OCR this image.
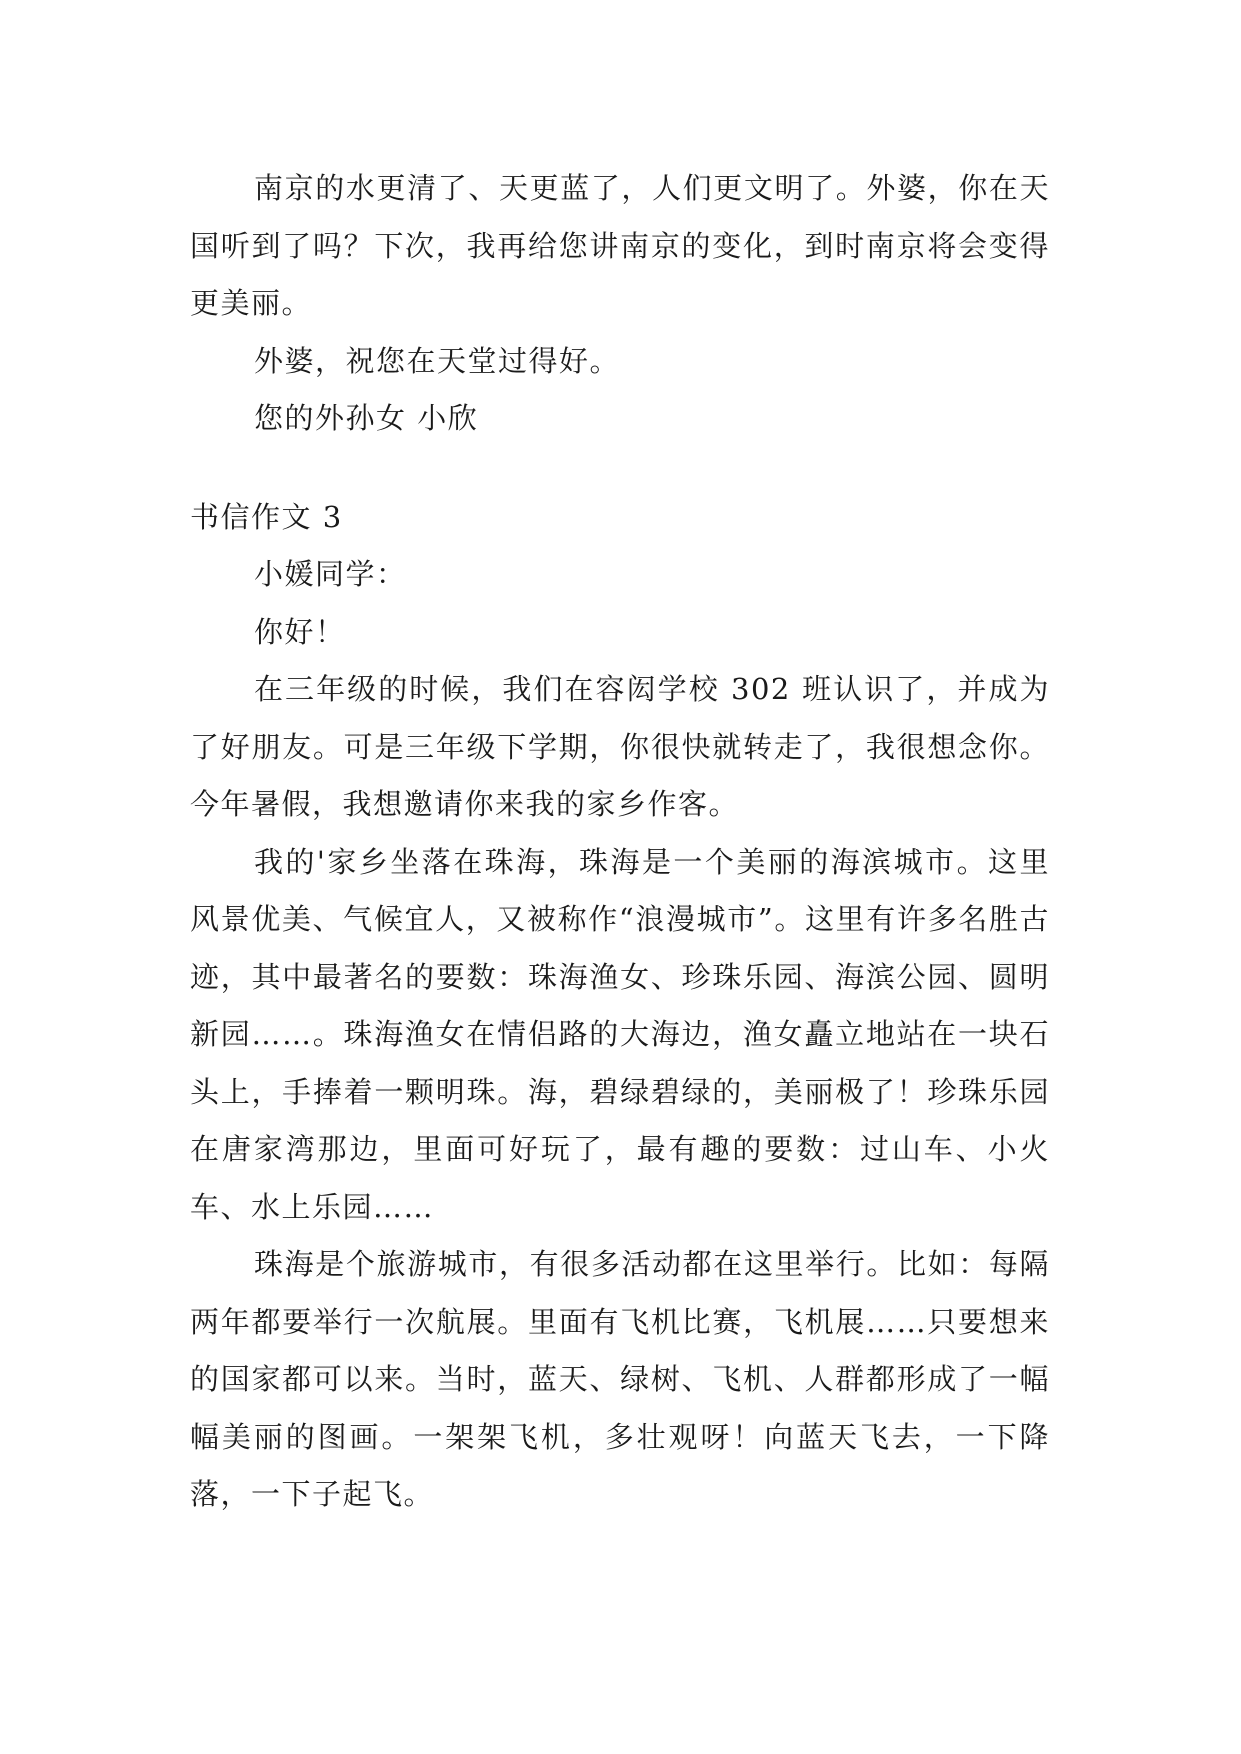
南京的水更清了、天更蓝了，人们更文明了。外婆，你在天国听到了吗？下次，我再给您讲南京的变化，到时南京将会变得更美丽。

外婆，祝您在天堂过得好。

您的外孙女 小欣

书信作文 3

小媛同学：

你好！

在三年级的时候，我们在容闳学校 302 班认识了，并成为了好朋友。可是三年级下学期，你很快就转走了，我很想念你。今年暑假，我想邀请你来我的家乡作客。

我的'家乡坐落在珠海，珠海是一个美丽的海滨城市。这里风景优美、气候宜人，又被称作“浪漫城市”。这里有许多名胜古迹，其中最著名的要数：珠海渔女、珍珠乐园、海滨公园、圆明新园……。珠海渔女在情侣路的大海边，渔女矗立地站在一块石头上，手捧着一颗明珠。海，碧绿碧绿的，美丽极了！珍珠乐园在唐家湾那边，里面可好玩了，最有趣的要数：过山车、小火车、水上乐园……

珠海是个旅游城市，有很多活动都在这里举行。比如：每隔两年都要举行一次航展。里面有飞机比赛，飞机展……只要想来的国家都可以来。当时，蓝天、绿树、飞机、人群都形成了一幅幅美丽的图画。一架架飞机，多壮观呀！向蓝天飞去，一下降落，一下子起飞。
